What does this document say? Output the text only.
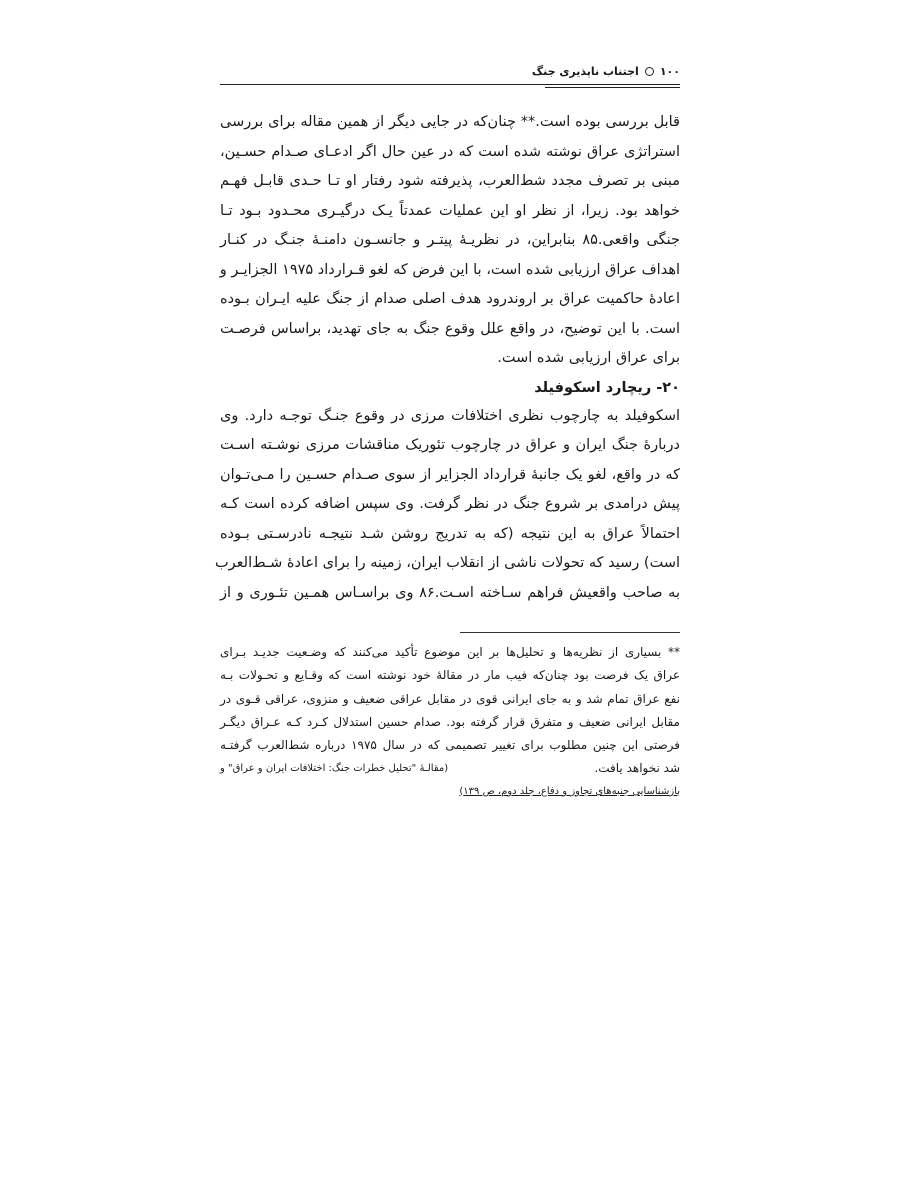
۱۰۰
اجتناب ناپذیری جنگ
قابل بررسی بوده است.** چنان‌که در جایی دیگر از همین مقاله برای بررسی
استراتژی عراق نوشته شده است که در عین حال اگر ادعـای صـدام حسـین،
مبنی بر تصرف مجدد شط‌العرب، پذیرفته شود رفتار او تـا حـدی قابـل فهـم
خواهد بود. زیرا، از نظر او این عملیات عمدتاً یـک درگیـری محـدود بـود تـا
جنگی واقعی.۸۵ بنابراین، در نظریـۀ پیتـر و جانسـون دامنـۀ جنـگ در کنـار
اهداف عراق ارزیابی شده است، با این فرض که لغو قـرارداد ۱۹۷۵ الجزایـر و
اعادۀ حاکمیت عراق بر اروندرود هدف اصلی صدام از جنگ علیه ایـران بـوده
است. با این توضیح، در واقع علل وقوع جنگ به جای تهدید، براساس فرصـت
برای عراق ارزیابی شده است.
۲۰- ریچارد اسکوفیلد
اسکوفیلد به چارچوب نظری اختلافات مرزی در وقوع جنـگ توجـه دارد. وی
دربارۀ جنگ ایران و عراق در چارچوب تئوریک مناقشات مرزی نوشـته اسـت
که در واقع، لغو یک جانبۀ قرارداد الجزایر از سوی صـدام حسـین را مـی‌تـوان
پیش درامدی بر شروع جنگ در نظر گرفت. وی سپس اضافه کرده است کـه
احتمالاً عراق به این نتیجه (که به تدریج روشن شـد نتیجـه نادرسـتی بـوده
است) رسید که تحولات ناشی از انقلاب ایران، زمینه را برای اعادۀ شـط‌العرب
به صاحب واقعیش فراهم سـاخته اسـت.۸۶ وی براسـاس همـین تئـوری و از
** بسیاری از نظریه‌ها و تحلیل‌ها بر این موضوع تأکید می‌کنند که وضـعیت جدیـد بـرای
عراق یک فرصت بود چنان‌که فیب مار در مقالۀ خود نوشته است که وقـایع و تحـولات بـه
نفع عراق تمام شد و به جای ایرانی قوی در مقابل عراقی ضعیف و منزوی، عراقی قـوی در
مقابل ایرانی ضعیف و متفرق قرار گرفته بود. صدام حسین استدلال کـرد کـه عـراق دیگـر
فرصتی این چنین مطلوب برای تغییر تصمیمی که در سال ۱۹۷۵ درباره شط‌العرب گرفتـه
شد نخواهد یافت.
(مقالـۀ "تحلیل خطرات جنگ: اختلافات ایران و عراق" و
بازشناسایی جنبه‌های تجاوز و دفاع، جلد دوم، ص ۱۳۹)
